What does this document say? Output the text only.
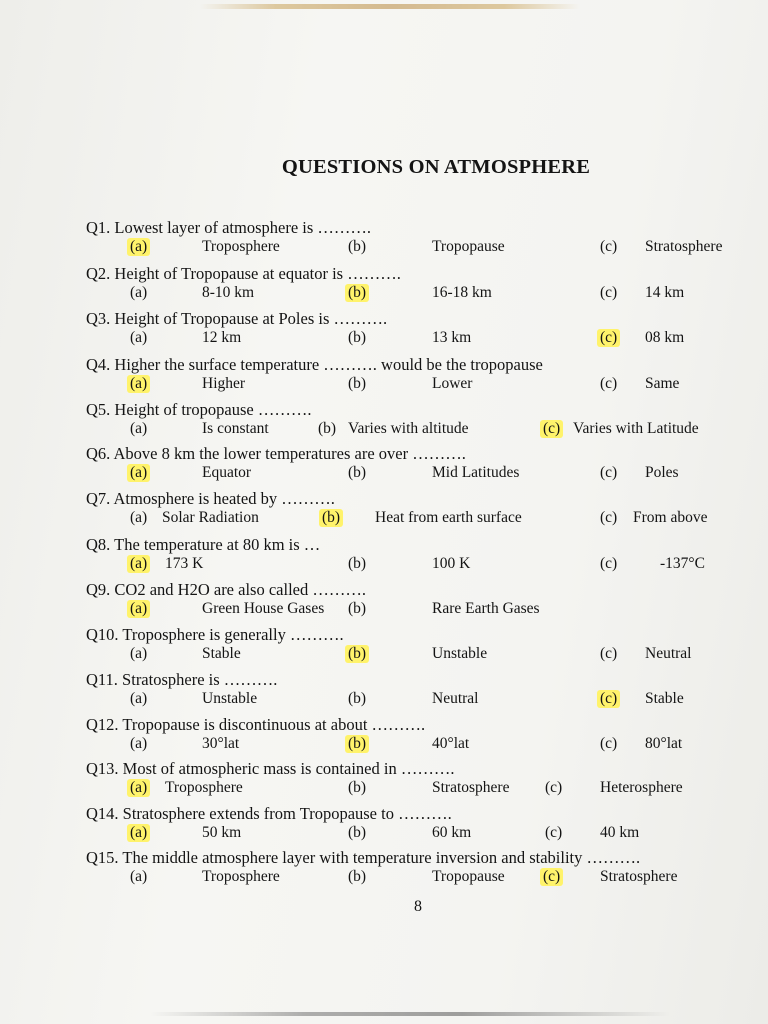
QUESTIONS ON ATMOSPHERE
Q1. Lowest layer of atmosphere is ……….
(a)	Troposphere	(b)	Tropopause	(c) Stratosphere
Q2. Height of Tropopause at equator is ……….
(a)	8-10 km	(b)	16-18 km	(c) 14 km
Q3. Height of Tropopause at Poles is ……….
(a)	12 km	(b)	13 km	(c) 08 km
Q4. Higher the surface temperature ………. would be the tropopause
(a)	Higher	(b)	Lower	(c) Same
Q5. Height of tropopause ……….
(a)	Is constant	(b) Varies with altitude	(c) Varies with Latitude
Q6. Above 8 km the lower temperatures are over ……….
(a)	Equator	(b)	Mid Latitudes	(c) Poles
Q7. Atmosphere is heated by ……….
(a) Solar Radiation	(b) Heat from earth surface	(c) From above
Q8. The temperature at 80 km is …
(a) 173 K	(b)	100 K	(c)	-137°C
Q9. CO2 and H2O are also called ……….
(a)	Green House Gases (b)	Rare Earth Gases
Q10. Troposphere is generally ……….
(a)	Stable	(b)	Unstable	(c) Neutral
Q11. Stratosphere is ……….
(a)	Unstable	(b)	Neutral	(c) Stable
Q12. Tropopause is discontinuous at about ……….
(a)	30°lat	(b)	40°lat	(c) 80°lat
Q13. Most of atmospheric mass is contained in ……….
(a) Troposphere	(b)	Stratosphere (c) Heterosphere
Q14. Stratosphere extends from Tropopause to ……….
(a)	50 km	(b)	60 km	(c) 40 km
Q15. The middle atmosphere layer with temperature inversion and stability ……….
(a)	Troposphere	(b)	Tropopause (c)	Stratosphere
8
